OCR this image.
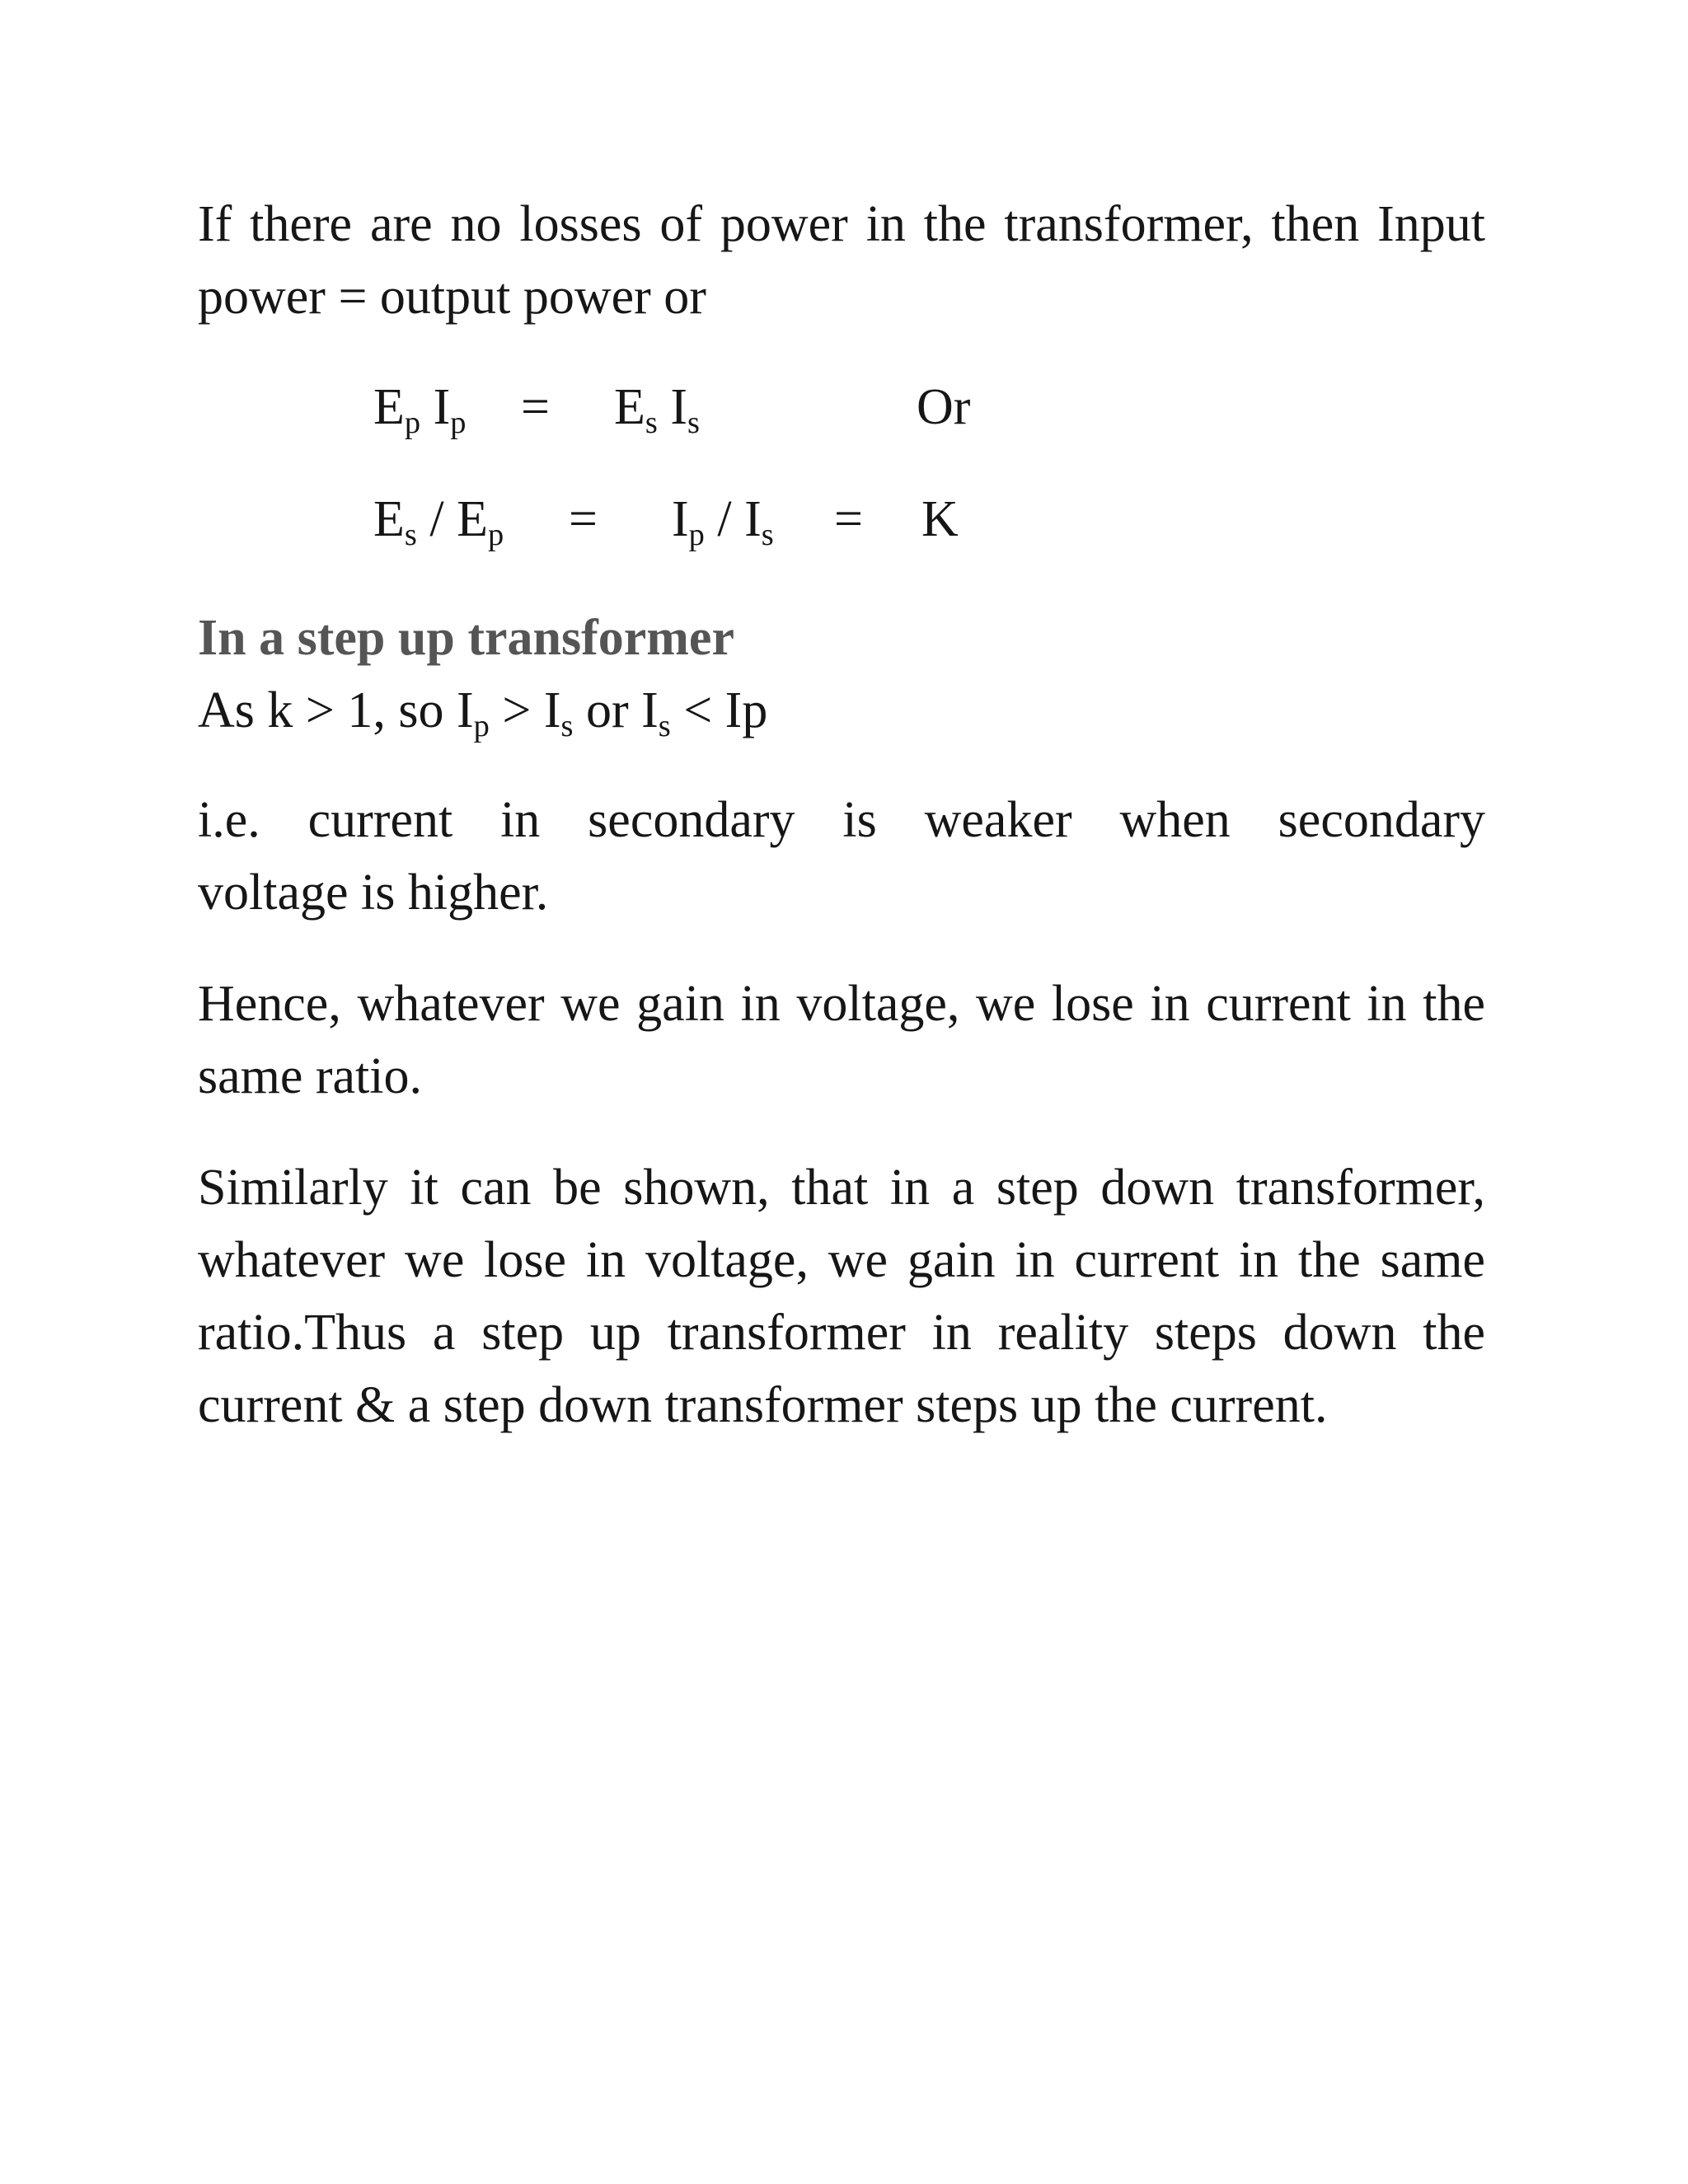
If there are no losses of power in the transformer, then Input power = output power or
$E_p$ $I_p = E_s$ $I_s$	Or
$E_s / E_p = I_p / I_s = K$
In a step up transformer
As k > 1, so $I_p > I_s$ or $I_s < Ip$
i.e. current in secondary is weaker when secondary
voltage is higher.
Hence, whatever we gain in voltage, we lose in current in the same ratio.
Similarly it can be shown, that in a step down transformer, whatever we lose in voltage, we gain in current in the same ratio.Thus a step up transformer in reality steps down the current & a step down transformer steps up the current.
